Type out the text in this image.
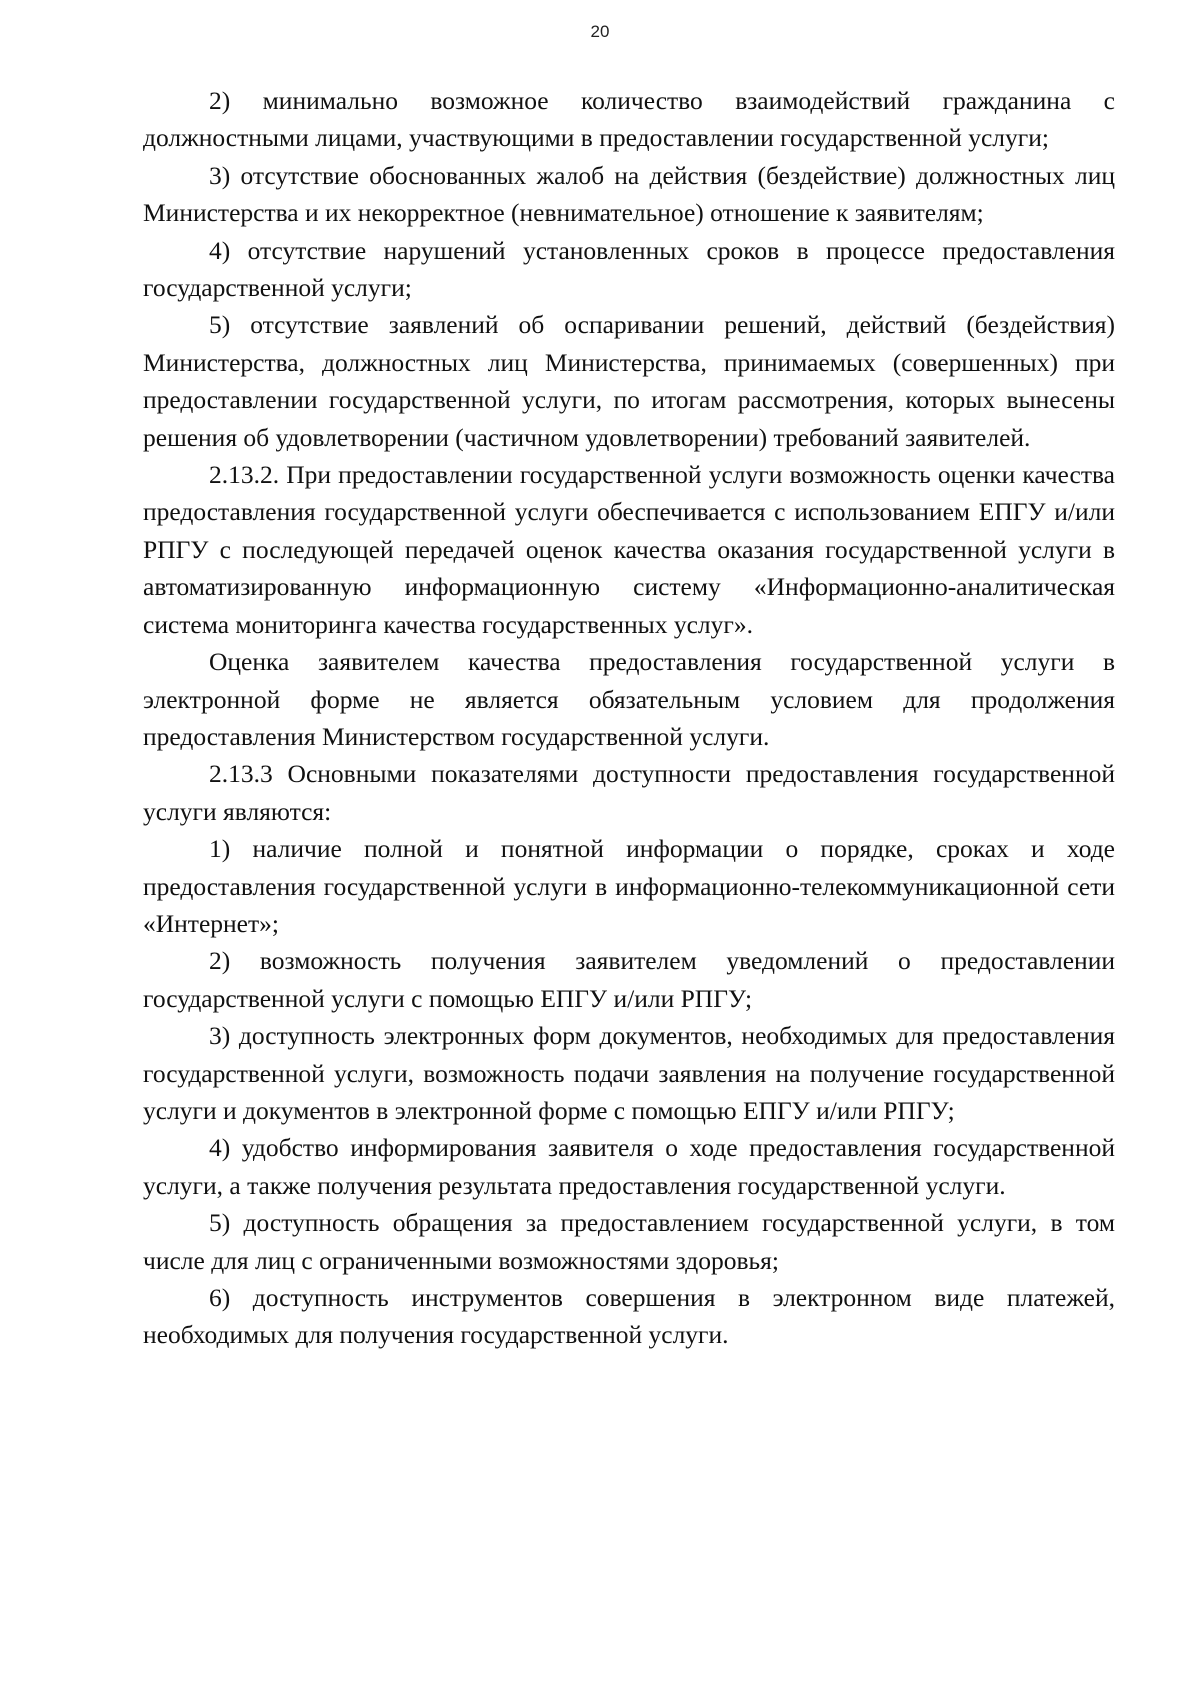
20

2) минимально возможное количество взаимодействий гражданина с должностными лицами, участвующими в предоставлении государственной услуги;

3) отсутствие обоснованных жалоб на действия (бездействие) должностных лиц Министерства и их некорректное (невнимательное) отношение к заявителям;

4) отсутствие нарушений установленных сроков в процессе предоставления государственной услуги;

5) отсутствие заявлений об оспаривании решений, действий (бездействия) Министерства, должностных лиц Министерства, принимаемых (совершенных) при предоставлении государственной услуги, по итогам рассмотрения, которых вынесены решения об удовлетворении (частичном удовлетворении) требований заявителей.

2.13.2. При предоставлении государственной услуги возможность оценки качества предоставления государственной услуги обеспечивается с использованием ЕПГУ и/или РПГУ с последующей передачей оценок качества оказания государственной услуги в автоматизированную информационную систему «Информационно-аналитическая система мониторинга качества государственных услуг».

Оценка заявителем качества предоставления государственной услуги в электронной форме не является обязательным условием для продолжения предоставления Министерством государственной услуги.

2.13.3 Основными показателями доступности предоставления государственной услуги являются:

1) наличие полной и понятной информации о порядке, сроках и ходе предоставления государственной услуги в информационно-телекоммуникационной сети «Интернет»;

2) возможность получения заявителем уведомлений о предоставлении государственной услуги с помощью ЕПГУ и/или РПГУ;

3) доступность электронных форм документов, необходимых для предоставления государственной услуги, возможность подачи заявления на получение государственной услуги и документов в электронной форме с помощью ЕПГУ и/или РПГУ;

4) удобство информирования заявителя о ходе предоставления государственной услуги, а также получения результата предоставления государственной услуги.

5) доступность обращения за предоставлением государственной услуги, в том числе для лиц с ограниченными возможностями здоровья;

6) доступность инструментов совершения в электронном виде платежей, необходимых для получения государственной услуги.
